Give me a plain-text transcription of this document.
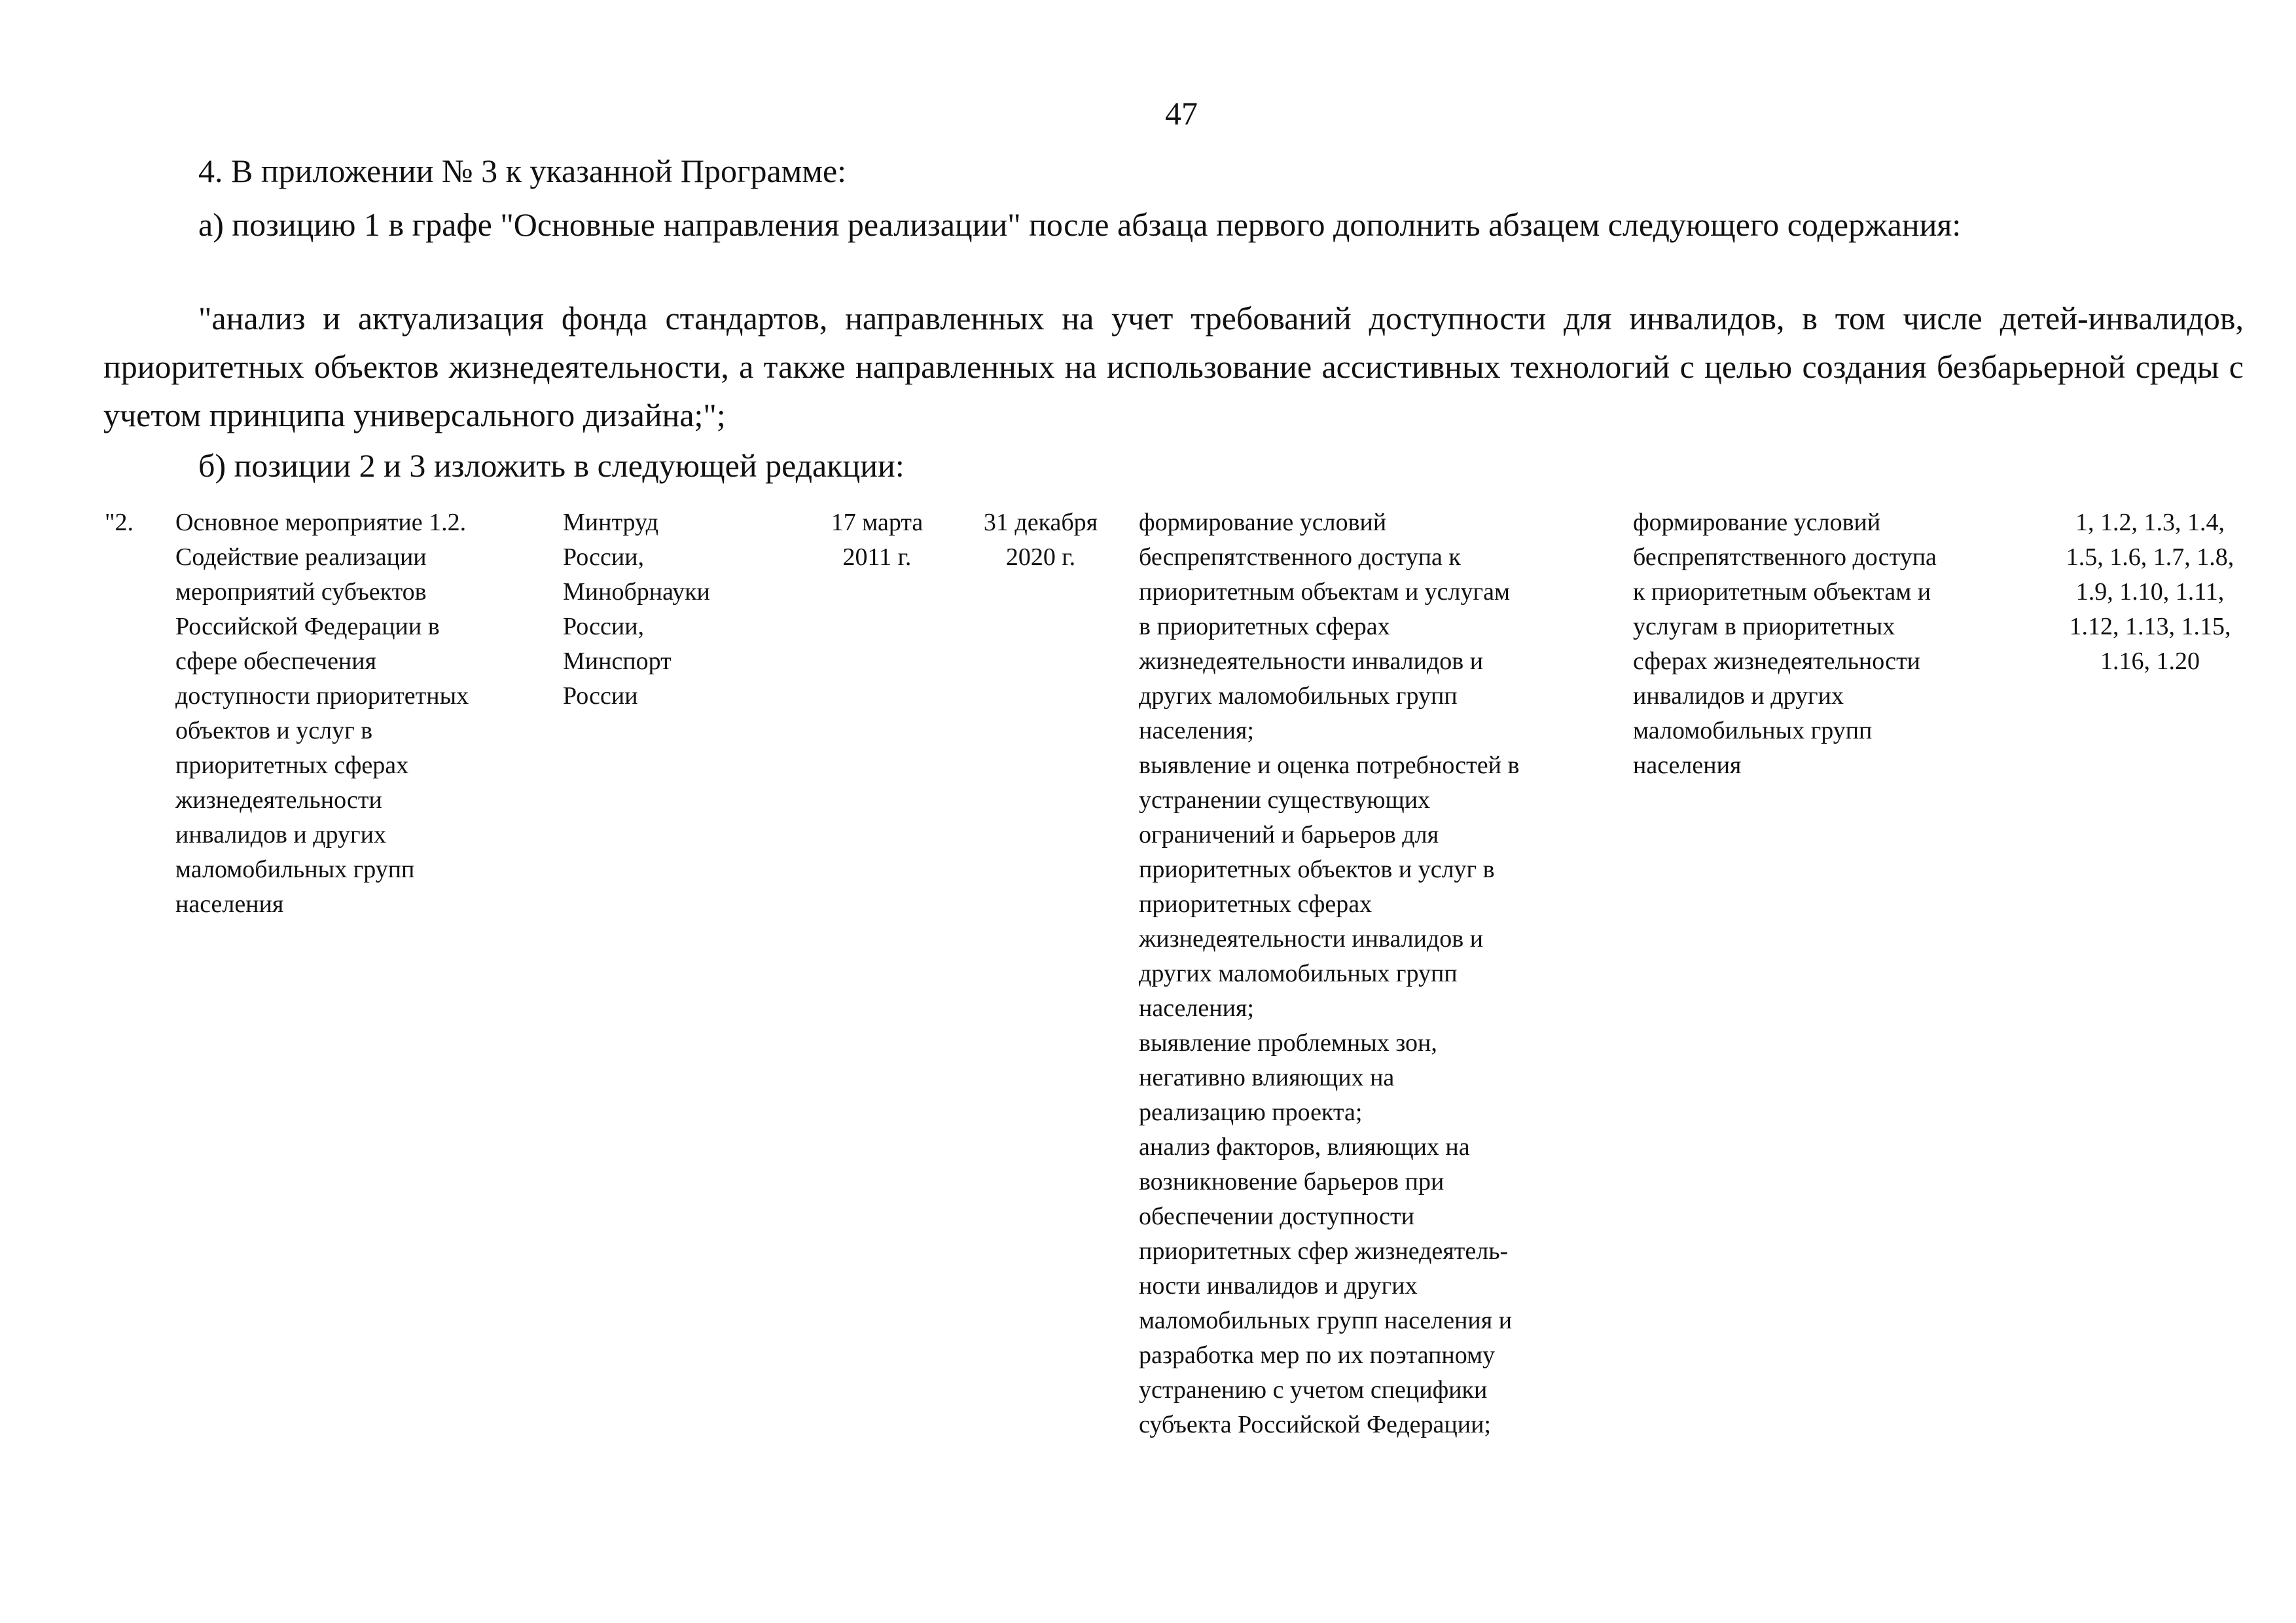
47

4. В приложении № 3 к указанной Программе:

а) позицию 1 в графе "Основные направления реализации" после абзаца первого дополнить абзацем следующего содержания:

"анализ и актуализация фонда стандартов, направленных на учет требований доступности для инвалидов, в том числе детей-инвалидов, приоритетных объектов жизнедеятельности, а также направленных на использование ассистивных технологий с целью создания безбарьерной среды с учетом принципа универсального дизайна;";

б) позиции 2 и 3 изложить в следующей редакции:

"2.	Основное мероприятие 1.2.
Содействие реализации
мероприятий субъектов
Российской Федерации в
сфере обеспечения
доступности приоритетных
объектов и услуг в
приоритетных сферах
жизнедеятельности
инвалидов и других
маломобильных групп
населения
Минтруд
России,
Минобрнауки
России,
Минспорт
России
17 марта
2011 г.
31 декабря
2020 г.
формирование условий
беспрепятственного доступа к
приоритетным объектам и услугам
в приоритетных сферах
жизнедеятельности инвалидов и
других маломобильных групп
населения;
выявление и оценка потребностей в
устранении существующих
ограничений и барьеров для
приоритетных объектов и услуг в
приоритетных сферах
жизнедеятельности инвалидов и
других маломобильных групп
населения;
выявление проблемных зон,
негативно влияющих на
реализацию проекта;
анализ факторов, влияющих на
возникновение барьеров при
обеспечении доступности
приоритетных сфер жизнедеятель-
ности инвалидов и других
маломобильных групп населения и
разработка мер по их поэтапному
устранению с учетом специфики
субъекта Российской Федерации;
формирование условий
беспрепятственного доступа
к приоритетным объектам и
услугам в приоритетных
сферах жизнедеятельности
инвалидов и других
маломобильных групп
населения
1, 1.2, 1.3, 1.4,
1.5, 1.6, 1.7, 1.8,
1.9, 1.10, 1.11,
1.12, 1.13, 1.15,
1.16, 1.20
